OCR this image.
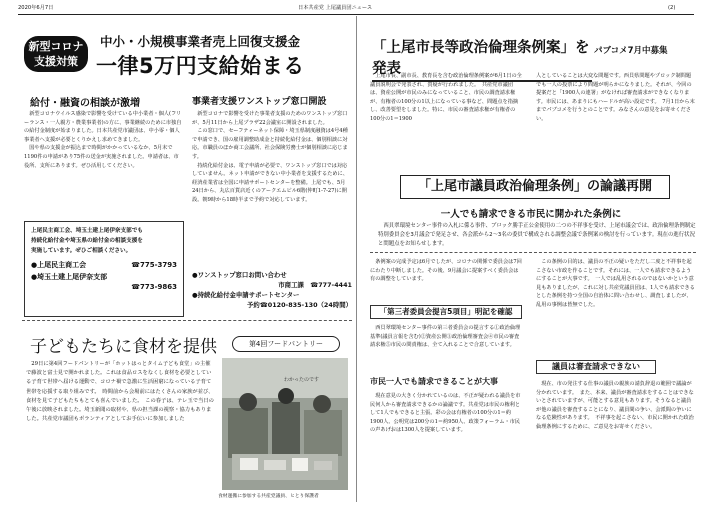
2020年6月7日	日本共産党 上尾議員団ニュース	(2)
新型コロナ
支援対策
中小・小規模事業者売上回復支援金
一律5万円支給始まる
給付・融資の相談が激増

新型コロナウイルス感染で影響を受けている中小業者・個人(フリーランス・一人親方・農業事業者)の方に、事業継続のために市独自の給付金制度が始まりました。日本共産党市議団は、中小零・個人事業者へ支援が必要とくりかえし求めてきました。

国や県の支援金が振込まで時間がかかっているなか、5月末で1190件の申請があり75件の送金が実施されました。申請者は、市役所、支所にあります。ぜひ活用してください。

上尾民主商工会、埼玉土建上尾伊奈支部でも
持続化給付金や埼玉県の給付金の相談支援を
実施しています。ぜひご相談ください。
●上尾民主商工会	☎775-3793
●埼玉土建上尾伊奈支部
☎773-9863
事業者支援ワンストップ窓口開設

新型コロナで影響を受けた事業者支援のためのワンストップ窓口が、5月11日から上尾プラザ22会議室に開設されました。

この窓口で、セーフティーネット保障・埼玉県制度融資は4号4種で申請でき、国の雇用調整助成金と持続化給付金は、個別相談に対応。市職員のほか商工会議所、社会保険労務士が個別相談に応じます。

持続化給付金は、電子申請が必要で、ワンストップ窓口では対応していません。ネット申請ができない中小業者を支援するために、経済産業省は全国に申請サポートセンターを整備。上尾でも、5月24日から、丸広百貨店近くのアークエムビル6階(仲町1-7-27)に開設。朝9時から18時半まで予約で対応しています。

●ワンストップ窓口お問い合わせ
市商工課　☎777-4441
●持続化給付金申請サポートセンター
予約☎0120-835-130（24時間）
子どもたちに食材を提供	第4回フードパントリー
29日に第4回フードパントリーが「ホットはっとタイム子ども食堂」の主催で藤波と富士見で開かれました。これは食品ロスをなくし食材を必要としている子育て世帯へ届ける運動で、コロナ禍で急激に生活困窮になっている子育て世帯を応援する取り組みです。　時間前から会場前にはたくさんの家族が並び、食材を見て子どもたちもとても喜んでいました。　この春子は、テレ玉で当日の午後に放映されました。埼玉新聞の取材や、県の担当課の視察・協力もありました。共産党市議団もボランティアとしてお手伝いに参加しました
わかったのです
食材運搬に参加する共産党議員、ヒとり保護者
「上尾市長等政治倫理条例案」を発表
パブコメ7月中募集
上尾市長、副市長、教育長を含む政治倫理条例案が6月1日の全議員説明会で発表され、質疑が行われました。　共産党市議団は、資産公開が市民のみになっていること、市民の調査請求権が、有権者の100分の1以上になっている事など、問題点を指摘し、改善要望をしました。特に、市民の審査請求権が有権者の100分の1＝1900
人としていることは大変な問題です。西貝県問題やプロック制問題でも一人の投票により問題が明らかになりました。それが、今回の提案だと「1900人の連署」がなければ審査請求ができなくなります。市民には、あまりにもハードルが高い設定です。　7月1日から末までパブコメを行うとのことです。みなさんの意見をお寄せください。
「上尾市議員政治倫理条例」の論議再開
一人でも請求できる市民に開かれた条例に
西貝翠環境センター事件の入札に係る事件、ブロック勝手正公金使用の二つの不祥事を受け、上尾市議会では、政治倫理条例制定特別委員会を3月議会で発足させ、各会派から2～3名の委員で構成される調整会議で条例案の検討を行っています。現在の進行状況と問題点をお知らせします。
条例案の完成予定は6月でしたが、コロナの関係で委員会は7回にわたり中断しました。その後、9月議会に提案すべく委員会は有の調整をしています。
「第三者委員会提言5項目」明記を確認
西貝翠環境センター事件の第三者委員会の提言する①政治倫理基準(議員言報を含む)②資産公開③政治倫理審査会④市民の審査請求権⑤市民の問責権は、全て入れることで合意しています。
市民一人でも請求できることが大事
現在意見の大きく分かれているのは、不正が疑われる議員を市民何人から審査請求できるかの論議です。共産党は市民の権利として1人でもできると主張。彩の会は有権者の100分の1＝約1900人、公明党は200分の1＝約950人、政策フォーラム・市民の声あげおは1300人を提案しています。
この条例の目的は、議員の不正の疑いをただし二度と不祥事を起こさない市政を作ることです。それには、一人でも請求できるようにすることが大事です。　一人では乱用されるのではないかという意見もありましたが、これに対し共産党議員団は、1人でも請求できるとした条例を持つ全国の自治体に問い合わせし、調査しましたが、乱用の事例は皆無でした。
議員は審査請求できない
現在、市の発注する仕事の議員の親族の請負辞退の範囲で議論が分かれています。　また、本来、議員が審査請求をすることはできないとされていますが、可能とする意見もあります。そうなると議員が他の議員を審査することになり、議員間の争い、会派間の争いになる危険性があります。　不祥事を起こさない、市民に開かれた政治倫理条例にするために、ご意見をお寄せください。
